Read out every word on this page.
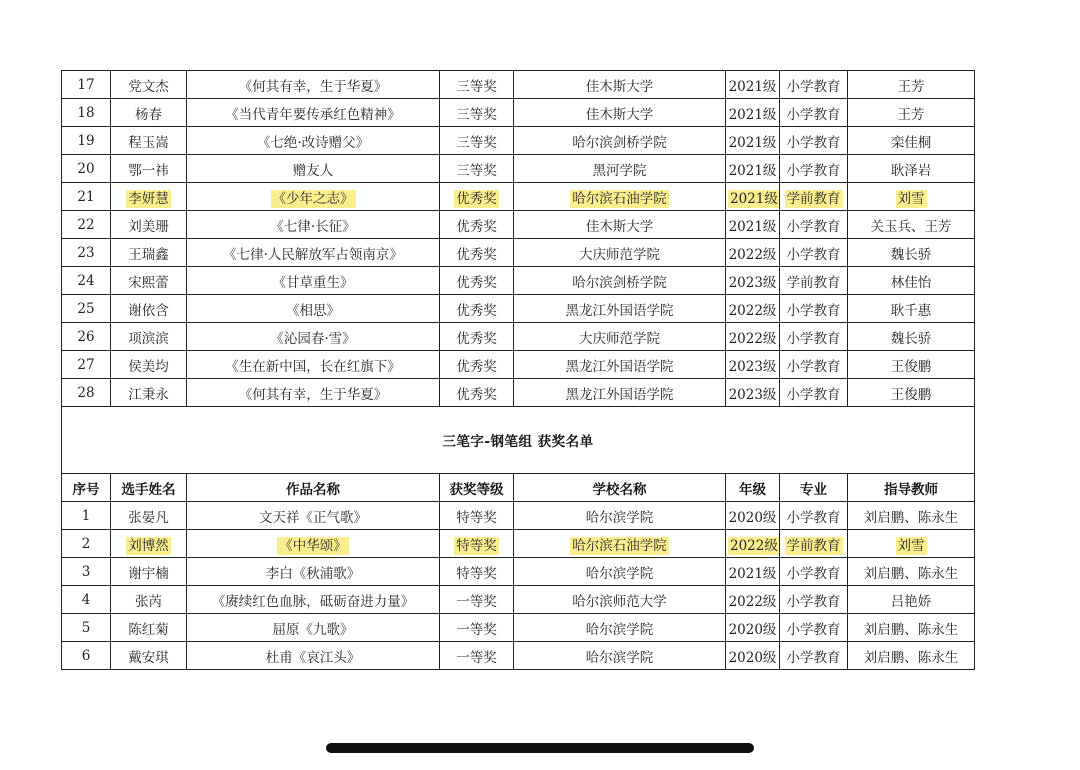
17	党文杰	《何其有幸，生于华夏》	三等奖	佳木斯大学	2021级	小学教育	王芳
18	杨春	《当代青年要传承红色精神》	三等奖	佳木斯大学	2021级	小学教育	王芳
19	程玉嵩	《七绝·改诗赠父》	三等奖	哈尔滨剑桥学院	2021级	小学教育	栾佳桐
20	鄂一祎	赠友人	三等奖	黑河学院	2021级	小学教育	耿泽岩
21	李妍慧	《少年之志》	优秀奖	哈尔滨石油学院	2021级	学前教育	刘雪
22	刘美珊	《七律·长征》	优秀奖	佳木斯大学	2021级	小学教育	关玉兵、王芳
23	王瑞鑫	《七律·人民解放军占领南京》	优秀奖	大庆师范学院	2022级	小学教育	魏长骄
24	宋熙蕾	《甘草重生》	优秀奖	哈尔滨剑桥学院	2023级	学前教育	林佳怡
25	谢依含	《相思》	优秀奖	黑龙江外国语学院	2022级	小学教育	耿千惠
26	项滨滨	《沁园春·雪》	优秀奖	大庆师范学院	2022级	小学教育	魏长骄
27	侯美均	《生在新中国，长在红旗下》	优秀奖	黑龙江外国语学院	2023级	小学教育	王俊鹏
28	江秉永	《何其有幸，生于华夏》	优秀奖	黑龙江外国语学院	2023级	小学教育	王俊鹏
三笔字-钢笔组 获奖名单							
序号	选手姓名	作品名称	获奖等级	学校名称	年级	专业	指导教师
1	张晏凡	文天祥《正气歌》	特等奖	哈尔滨学院	2020级	小学教育	刘启鹏、陈永生
2	刘博然	《中华颂》	特等奖	哈尔滨石油学院	2022级	学前教育	刘雪
3	谢宇楠	李白《秋浦歌》	特等奖	哈尔滨学院	2021级	小学教育	刘启鹏、陈永生
4	张芮	《赓续红色血脉，砥砺奋进力量》	一等奖	哈尔滨师范大学	2022级	小学教育	吕艳娇
5	陈红菊	屈原《九歌》	一等奖	哈尔滨学院	2020级	小学教育	刘启鹏、陈永生
6	戴安琪	杜甫《哀江头》	一等奖	哈尔滨学院	2020级	小学教育	刘启鹏、陈永生
